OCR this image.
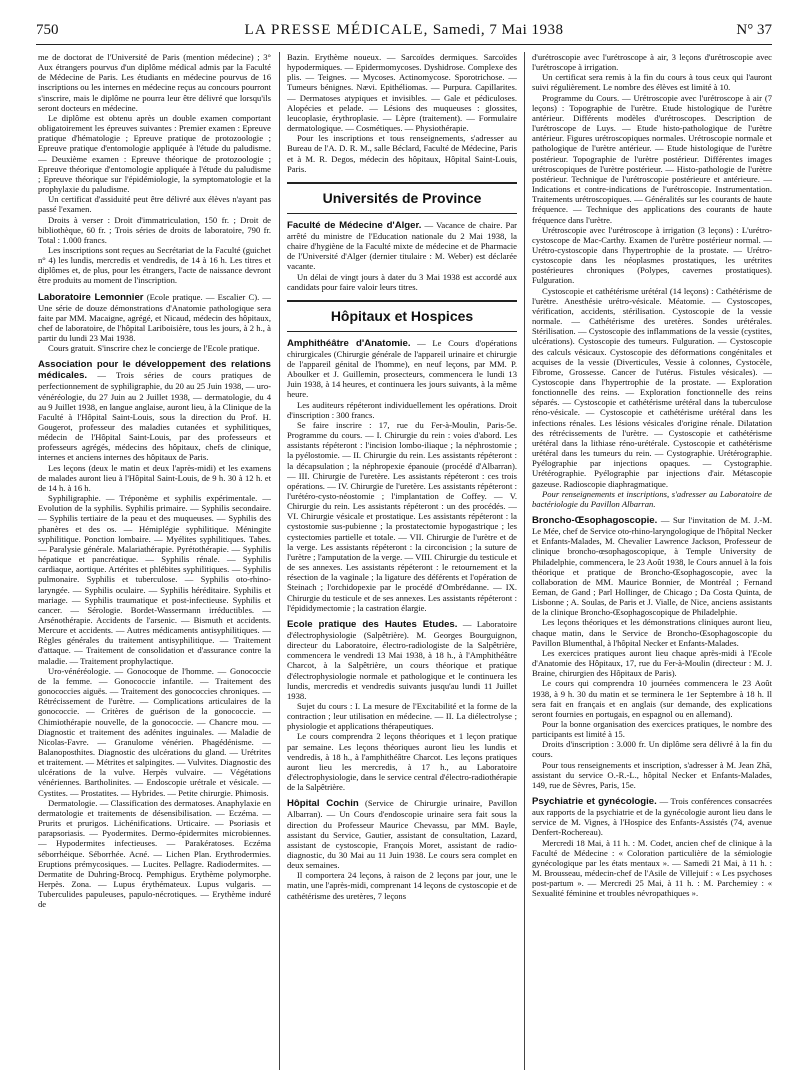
750	LA PRESSE MÉDICALE, Samedi, 7 Mai 1938	N° 37

me de doctorat de l'Université de Paris (mention médecine) ; 3° Aux étrangers pourvus d'un diplôme médical admis par la Faculté de Médecine de Paris. Les étudiants en médecine pourvus de 16 inscriptions ou les internes en médecine reçus au concours pourront s'inscrire, mais le diplôme ne pourra leur être délivré que lorsqu'ils seront docteurs en médecine.

Le diplôme est obtenu après un double examen comportant obligatoirement les épreuves suivantes : Premier examen : Epreuve pratique d'hématologie ; Epreuve pratique de protozoologie ; Epreuve pratique d'entomologie appliquée à l'étude du paludisme. — Deuxième examen : Epreuve théorique de protozoologie ; Epreuve théorique d'entomologie appliquée à l'étude du paludisme ; Epreuve théorique sur l'épidémiologie, la symptomatologie et la prophylaxie du paludisme.

Un certificat d'assiduité peut être délivré aux élèves n'ayant pas passé l'examen.

Droits à verser : Droit d'immatriculation, 150 fr. ; Droit de bibliothèque, 60 fr. ; Trois séries de droits de laboratoire, 790 fr. Total : 1.000 francs.

Les inscriptions sont reçues au Secrétariat de la Faculté (guichet n° 4) les lundis, mercredis et vendredis, de 14 à 16 h. Les titres et diplômes et, de plus, pour les étrangers, l'acte de naissance devront être produits au moment de l'inscription.

Laboratoire Lemonnier (Ecole pratique. — Escalier C). — Une série de douze démonstrations d'Anatomie pathologique sera faite par MM. Macaigne, agrégé, et Nicaud, médecin des hôpitaux, chef de laboratoire, de l'hôpital Lariboisière, tous les jours, à 2 h., à partir du lundi 23 Mai 1938.

Cours gratuit. S'inscrire chez le concierge de l'Ecole pratique.

Association pour le développement des relations médicales. — Trois séries de cours pratiques de perfectionnement de syphiligraphie, du 20 au 25 Juin 1938, — uro-vénéréologie, du 27 Juin au 2 Juillet 1938, — dermatologie, du 4 au 9 Juillet 1938, en langue anglaise, auront lieu, à la Clinique de la Faculté à l'Hôpital Saint-Louis, sous la direction du Prof. H. Gougerot, professeur des maladies cutanées et syphilitiques, médecin de l'Hôpital Saint-Louis, par des professeurs et professeurs agrégés, médecins des hôpitaux, chefs de clinique, internes et anciens internes des hôpitaux de Paris.

Les leçons (deux le matin et deux l'après-midi) et les examens de malades auront lieu à l'Hôpital Saint-Louis, de 9 h. 30 à 12 h. et de 14 h. à 16 h.

Syphiligraphie. — Tréponème et syphilis expérimentale. — Evolution de la syphilis. Syphilis primaire. — Syphilis secondaire. — Syphilis tertiaire de la peau et des muqueuses. — Syphilis des phanères et des os. — Hémiplégie syphilitique. Méningite syphilitique. Ponction lombaire. — Myélites syphilitiques. Tabes. — Paralysie générale. Malariathérapie. Pyrétothérapie. — Syphilis hépatique et pancréatique. — Syphilis rénale. — Syphilis cardiaque, aortique. Artérites et phlébites syphilitiques. — Syphilis pulmonaire. Syphilis et tuberculose. — Syphilis oto-rhino-laryngée. — Syphilis oculaire. — Syphilis héréditaire. Syphilis et mariage. — Syphilis traumatique et post-infectieuse. Syphilis et cancer. — Sérologie. Bordet-Wassermann irréductibles. — Arsénothérapie. Accidents de l'arsenic. — Bismuth et accidents. Mercure et accidents. — Autres médicaments antisyphilitiques. — Règles générales du traitement antisyphilitique. — Traitement d'attaque. — Traitement de consolidation et d'assurance contre la maladie. — Traitement prophylactique.

Uro-vénéréologie. — Gonocoque de l'homme. — Gonococcie de la femme. — Gonococcie infantile. — Traitement des gonococcies aiguës. — Traitement des gonococcies chroniques. — Rétrécissement de l'urètre. — Complications articulaires de la gonococcie. — Critères de guérison de la gonococcie. — Chimiothérapie nouvelle, de la gonococcie. — Chancre mou. — Diagnostic et traitement des adénites inguinales. — Maladie de Nicolas-Favre. — Granulome vénérien. Phagédénisme. — Balanoposthites. Diagnostic des ulcérations du gland. — Urétrites et traitement. — Métrites et salpingites. — Vulvites. Diagnostic des ulcérations de la vulve. Herpès vulvaire. — Végétations vénériennes. Bartholinites. — Endoscopie urétrale et vésicale. — Cystites. — Prostatites. — Hybrides. — Petite chirurgie. Phimosis.

Dermatologie. — Classification des dermatoses. Anaphylaxie en dermatologie et traitements de désensibilisation. — Eczéma. — Prurits et prurigos. Lichénifications. Urticaire. — Psoriasis et parapsoriasis. — Pyodermites. Dermo-épidermites microbiennes. — Hypodermites infectieuses. — Parakératoses. Eczéma séborrhéique. Séborrhée. Acné. — Lichen Plan. Erythrodermies. Eruptions prémycosiques. — Lucites. Pellagre. Radiodermites. — Dermatite de Duhring-Brocq. Pemphigus. Erythème polymorphe. Herpès. Zona. — Lupus érythémateux. Lupus vulgaris. — Tuberculides papuleuses, papulo-nécrotiques. — Erythème induré de

Bazin. Erythème noueux. — Sarcoïdes dermiques. Sarcoïdes hypodermiques. — Epidermomycoses. Dyshidrose. Complexe des plis. — Teignes. — Mycoses. Actinomycose. Sporotrichose. — Tumeurs bénignes. Nævi. Epithéliomas. — Purpura. Capillarites. — Dermatoses atypiques et invisibles. — Gale et pédiculoses. Alopécies et pelade. — Lésions des muqueuses : glossites, leucoplasie, érythroplasie. — Lèpre (traitement). — Formulaire dermatologique. — Cosmétiques. — Physiothérapie.

Pour les inscriptions et tous renseignements, s'adresser au Bureau de l'A. D. R. M., salle Béclard, Faculté de Médecine, Paris et à M. R. Degos, médecin des hôpitaux, Hôpital Saint-Louis, Paris.

Universités de Province

Faculté de Médecine d'Alger. — Vacance de chaire. Par arrêté du ministre de l'Education nationale du 2 Mai 1938, la chaire d'hygiène de la Faculté mixte de médecine et de Pharmacie de l'Université d'Alger (dernier titulaire : M. Weber) est déclarée vacante.

Un délai de vingt jours à dater du 3 Mai 1938 est accordé aux candidats pour faire valoir leurs titres.

Hôpitaux et Hospices

Amphithéâtre d'Anatomie. — Le Cours d'opérations chirurgicales (Chirurgie générale de l'appareil urinaire et chirurgie de l'appareil génital de l'homme), en neuf leçons, par MM. P. Aboulker et J. Guillemin, prosecteurs, commencera le lundi 13 Juin 1938, à 14 heures, et continuera les jours suivants, à la même heure.

Les auditeurs répéteront individuellement les opérations. Droit d'inscription : 300 francs.

Se faire inscrire : 17, rue du Fer-à-Moulin, Paris-5e. Programme du cours. — I. Chirurgie du rein : voies d'abord. Les assistants répéteront : l'incision lombo-iliaque ; la néphrostomie ; la pyélostomie. — II. Chirurgie du rein. Les assistants répéteront : la décapsulation ; la néphropexie épanouie (procédé d'Albarran). — III. Chirurgie de l'uretère. Les assistants répéteront : ces trois opérations. — IV. Chirurgie de l'uretère. Les assistants répéteront : l'urétéro-cysto-néostomie ; l'implantation de Coffey. — V. Chirurgie du rein. Les assistants répéteront : un des procédés. — VI. Chirurgie vésicale et prostatique. Les assistants répéteront : la cystostomie sus-pubienne ; la prostatectomie hypogastrique ; les cystectomies partielle et totale. — VII. Chirurgie de l'urètre et de la verge. Les assistants répéteront : la circoncision ; la suture de l'urètre ; l'amputation de la verge. — VIII. Chirurgie du testicule et de ses annexes. Les assistants répéteront : le retournement et la résection de la vaginale ; la ligature des déférents et l'opération de Steinach ; l'orchidopexie par le procédé d'Ombrédanne. — IX. Chirurgie du testicule et de ses annexes. Les assistants répéteront : l'épididymectomie ; la castration élargie.

Ecole pratique des Hautes Etudes. — Laboratoire d'électrophysiologie (Salpêtrière). M. Georges Bourguignon, directeur du Laboratoire, électro-radiologiste de la Salpêtrière, commencera le vendredi 13 Mai 1938, à 18 h., à l'Amphithéâtre Charcot, à la Salpêtrière, un cours théorique et pratique d'électrophysiologie normale et pathologique et le continuera les lundis, mercredis et vendredis suivants jusqu'au lundi 11 Juillet 1938.

Sujet du cours : I. La mesure de l'Excitabilité et la forme de la contraction ; leur utilisation en médecine. — II. La diélectrolyse ; physiologie et applications thérapeutiques.

Le cours comprendra 2 leçons théoriques et 1 leçon pratique par semaine. Les leçons théoriques auront lieu les lundis et vendredis, à 18 h., à l'amphithéâtre Charcot. Les leçons pratiques auront lieu les mercredis, à 17 h., au Laboratoire d'électrophysiologie, dans le service central d'électro-radiothérapie de la Salpêtrière.

Hôpital Cochin (Service de Chirurgie urinaire, Pavillon Albarran). — Un Cours d'endoscopie urinaire sera fait sous la direction du Professeur Maurice Chevassu, par MM. Bayle, assistant du Service, Gautier, assistant de consultation, Lazard, assistant de cystoscopie, François Moret, assistant de radio-diagnostic, du 30 Mai au 11 Juin 1938. Le cours sera complet en deux semaines.

Il comportera 24 leçons, à raison de 2 leçons par jour, une le matin, une l'après-midi, comprenant 14 leçons de cystoscopie et de cathétérisme des uretères, 7 leçons

d'urétroscopie avec l'urétroscope à air, 3 leçons d'urétroscopie avec l'urétroscope à irrigation.

Un certificat sera remis à la fin du cours à tous ceux qui l'auront suivi régulièrement. Le nombre des élèves est limité à 10.

Programme du Cours. — Urétroscopie avec l'urétroscope à air (7 leçons) : Topographie de l'urètre. Etude histologique de l'urètre antérieur. Différents modèles d'urétroscopes. Description de l'urétroscope de Luys. — Etude histo-pathologique de l'urètre antérieur. Figures urétroscopiques normales. Urétroscopie normale et pathologique de l'urètre antérieur. — Etude histologique de l'urètre postérieur. Topographie de l'urètre postérieur. Différentes images urétroscopiques de l'urètre postérieur. — Histo-pathologie de l'urètre postérieur. Technique de l'urétroscopie postérieure et antérieure. — Indications et contre-indications de l'urétroscopie. Instrumentation. Traitements urétroscopiques. — Généralités sur les courants de haute fréquence. — Technique des applications des courants de haute fréquence dans l'urètre.

Urétroscopie avec l'urétroscope à irrigation (3 leçons) : L'urétro-cystoscope de Mac-Carthy. Examen de l'urètre postérieur normal. — Urétro-cystoscopie dans l'hypertrophie de la prostate. — Urétro-cystoscopie dans les néoplasmes prostatiques, les urétrites postérieures chroniques (Polypes, cavernes prostatiques). Fulguration.

Cystoscopie et cathétérisme urétéral (14 leçons) : Cathétérisme de l'urètre. Anesthésie urétro-vésicale. Méatomie. — Cystoscopes, vérification, accidents, stérilisation. Cystoscopie de la vessie normale. — Cathétérisme des uretères. Sondes urétérales. Stérilisation. — Cystoscopie des inflammations de la vessie (cystites, ulcérations). Cystoscopie des tumeurs. Fulguration. — Cystoscopie des calculs vésicaux. Cystoscopie des déformations congénitales et acquises de la vessie (Diverticules, Vessie à colonnes, Cystocèle, Fibrome, Grossesse. Cancer de l'utérus. Fistules vésicales). — Cystoscopie dans l'hypertrophie de la prostate. — Exploration fonctionnelle des reins. — Exploration fonctionnelle des reins séparés. — Cystoscopie et cathétérisme urétéral dans la tuberculose réno-vésicale. — Cystoscopie et cathétérisme urétéral dans les infections rénales. Les lésions vésicales d'origine rénale. Dilatation des rétrécissements de l'urètre. — Cystoscopie et cathétérisme urétéral dans la lithiase réno-urétérale. Cystoscopie et cathétérisme urétéral dans les tumeurs du rein. — Cystographie. Urétérographie. Pyélographie par injections opaques. — Cystographie. Urétérographie. Pyélographie par injections d'air. Métascopie gazeuse. Radioscopie diaphragmatique.

Pour renseignements et inscriptions, s'adresser au Laboratoire de bactériologie du Pavillon Albarran.

Broncho-Œsophagoscopie. — Sur l'invitation de M. J.-M. Le Mée, chef de Service oto-rhino-laryngologique de l'hôpital Necker et Enfants-Malades, M. Chevalier Lawrence Jackson, Professeur de clinique broncho-œsophagoscopique, à Temple University de Philadelphie, commencera, le 23 Août 1938, le Cours annuel à la fois théorique et pratique de Broncho-Œsophagoscopie, avec la collaboration de MM. Maurice Bonnier, de Montréal ; Fernand Eeman, de Gand ; Parl Hollinger, de Chicago ; Da Costa Quinta, de Lisbonne ; A. Soulas, de Paris et J. Vialle, de Nice, anciens assistants de la clinique Broncho-Œsophagoscopique de Philadelphie.

Les leçons théoriques et les démonstrations cliniques auront lieu, chaque matin, dans le Service de Broncho-Œsophagoscopie du Pavillon Blumenthal, à l'hôpital Necker et Enfants-Malades.

Les exercices pratiques auront lieu chaque après-midi à l'Ecole d'Anatomie des Hôpitaux, 17, rue du Fer-à-Moulin (directeur : M. J. Braine, chirurgien des Hôpitaux de Paris).

Le cours qui comprendra 10 journées commencera le 23 Août 1938, à 9 h. 30 du matin et se terminera le 1er Septembre à 18 h. Il sera fait en français et en anglais (sur demande, des explications seront fournies en portugais, en espagnol ou en allemand).

Pour la bonne organisation des exercices pratiques, le nombre des participants est limité à 15.

Droits d'inscription : 3.000 fr. Un diplôme sera délivré à la fin du cours.

Pour tous renseignements et inscription, s'adresser à M. Jean Zhā, assistant du service O.-R.-L., hôpital Necker et Enfants-Malades, 149, rue de Sèvres, Paris, 15e.

Psychiatrie et gynécologie. — Trois conférences consacrées aux rapports de la psychiatrie et de la gynécologie auront lieu dans le service de M. Vignes, à l'Hospice des Enfants-Assistés (74, avenue Denfert-Rochereau).

Mercredi 18 Mai, à 11 h. : M. Codet, ancien chef de clinique à la Faculté de Médecine : « Coloration particulière de la sémiologie gynécologique par les états mentaux ». — Samedi 21 Mai, à 11 h. : M. Brousseau, médecin-chef de l'Asile de Villejuif : « Les psychoses post-partum ». — Mercredi 25 Mai, à 11 h. : M. Parchemiey : « Sexualité féminine et troubles névropathiques ».
